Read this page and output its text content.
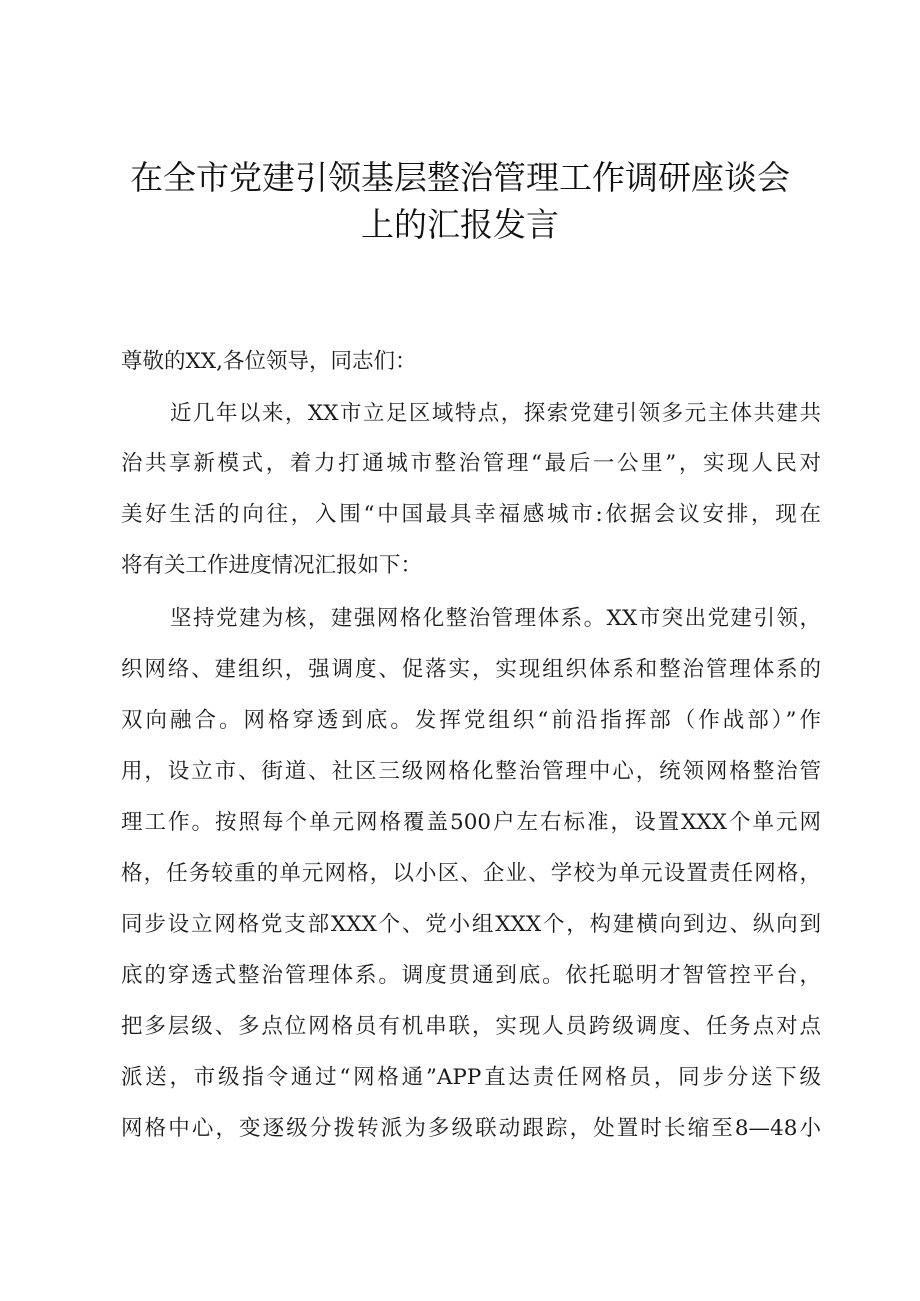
在全市党建引领基层整治管理工作调研座谈会
上的汇报发言
尊敬的XX,各位领导，同志们：
近几年以来，XX市立足区域特点，探索党建引领多元主体共建共
治共享新模式，着力打通城市整治管理“最后一公里”，实现人民对
美好生活的向往，入围“中国最具幸福感城市:依据会议安排，现在
将有关工作进度情况汇报如下：
坚持党建为核，建强网格化整治管理体系。XX市突出党建引领，
织网络、建组织，强调度、促落实，实现组织体系和整治管理体系的
双向融合。网格穿透到底。发挥党组织“前沿指挥部（作战部）”作
用，设立市、街道、社区三级网格化整治管理中心，统领网格整治管
理工作。按照每个单元网格覆盖500户左右标准，设置XXX个单元网
格，任务较重的单元网格，以小区、企业、学校为单元设置责任网格，
同步设立网格党支部XXX个、党小组XXX个，构建横向到边、纵向到
底的穿透式整治管理体系。调度贯通到底。依托聪明才智管控平台，
把多层级、多点位网格员有机串联，实现人员跨级调度、任务点对点
派送，市级指令通过“网格通”APP直达责任网格员，同步分送下级
网格中心，变逐级分拨转派为多级联动跟踪，处置时长缩至8—48小
